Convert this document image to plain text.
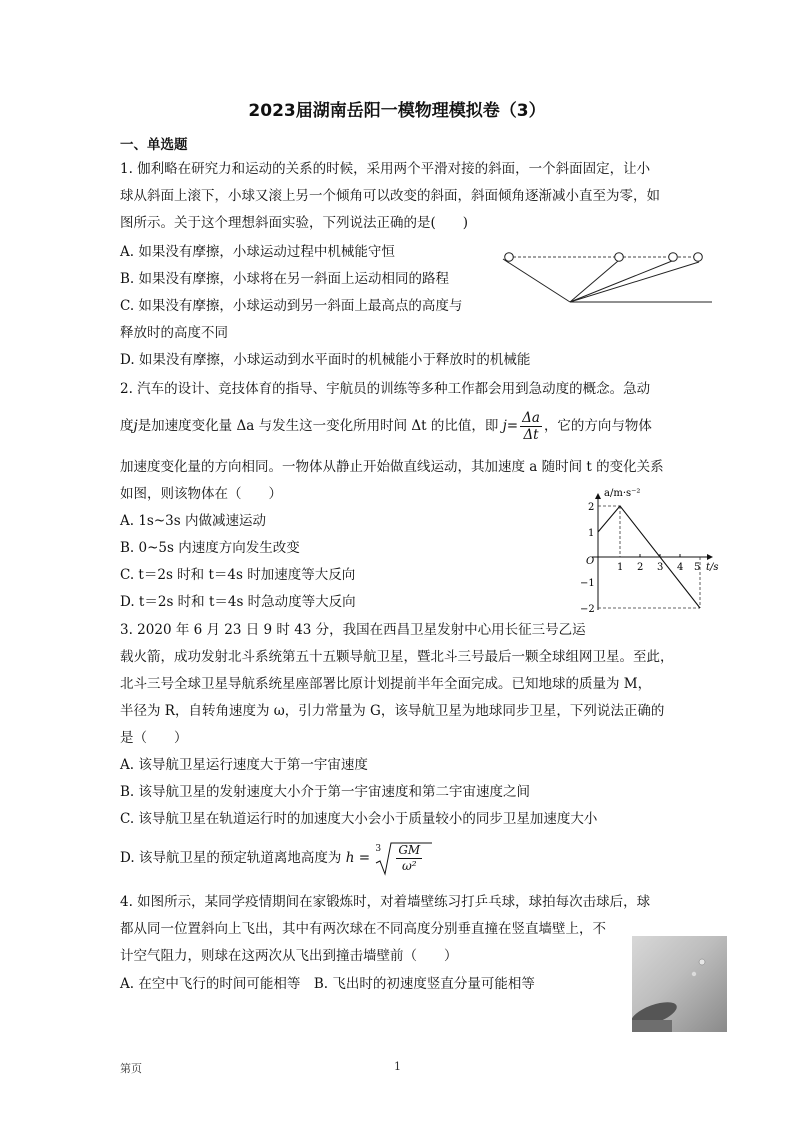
2023届湖南岳阳一模物理模拟卷（3）
一、单选题
1. 伽利略在研究力和运动的关系的时候，采用两个平滑对接的斜面，一个斜面固定，让小
球从斜面上滚下，小球又滚上另一个倾角可以改变的斜面，斜面倾角逐渐减小直至为零，如
图所示。关于这个理想斜面实验，下列说法正确的是(　　)
A. 如果没有摩擦，小球运动过程中机械能守恒
B. 如果没有摩擦，小球将在另一斜面上运动相同的路程
C. 如果没有摩擦，小球运动到另一斜面上最高点的高度与
释放时的高度不同
D. 如果没有摩擦，小球运动到水平面时的机械能小于释放时的机械能
2. 汽车的设计、竞技体育的指导、宇航员的训练等多种工作都会用到急动度的概念。急动
度j是加速度变化量 Δa 与发生这一变化所用时间 Δt 的比值，即 $j= \frac{\Delta a}{\Delta t}$ ，它的方向与物体
加速度变化量的方向相同。一物体从静止开始做直线运动，其加速度 a 随时间 t 的变化关系
如图，则该物体在（　　）
A. 1s~3s 内做减速运动
B. 0~5s 内速度方向发生改变
C. t＝2s 时和 t＝4s 时加速度等大反向
D. t＝2s 时和 t＝4s 时急动度等大反向
a/m·s⁻²
t/s
O
2
1
−1
−2
1 2 3 4 5
3. 2020 年 6 月 23 日 9 时 43 分，我国在西昌卫星发射中心用长征三号乙运
载火箭，成功发射北斗系统第五十五颗导航卫星，暨北斗三号最后一颗全球组网卫星。至此，
北斗三号全球卫星导航系统星座部署比原计划提前半年全面完成。已知地球的质量为 M，
半径为 R，自转角速度为 ω，引力常量为 G，该导航卫星为地球同步卫星，下列说法正确的
是（　　）
A. 该导航卫星运行速度大于第一宇宙速度
B. 该导航卫星的发射速度大小介于第一宇宙速度和第二宇宙速度之间
C. 该导航卫星在轨道运行时的加速度大小会小于质量较小的同步卫星加速度大小
D. 该导航卫星的预定轨道离地高度为 h =
$3 \frac{GM}{\text{ω²}}$
4. 如图所示，某同学疫情期间在家锻炼时，对着墙壁练习打乒乓球，球拍每次击球后，球
都从同一位置斜向上飞出，其中有两次球在不同高度分别垂直撞在竖直墙壁上，不
计空气阻力，则球在这两次从飞出到撞击墙壁前（　　）
A. 在空中飞行的时间可能相等　B. 飞出时的初速度竖直分量可能相等
第页	1
